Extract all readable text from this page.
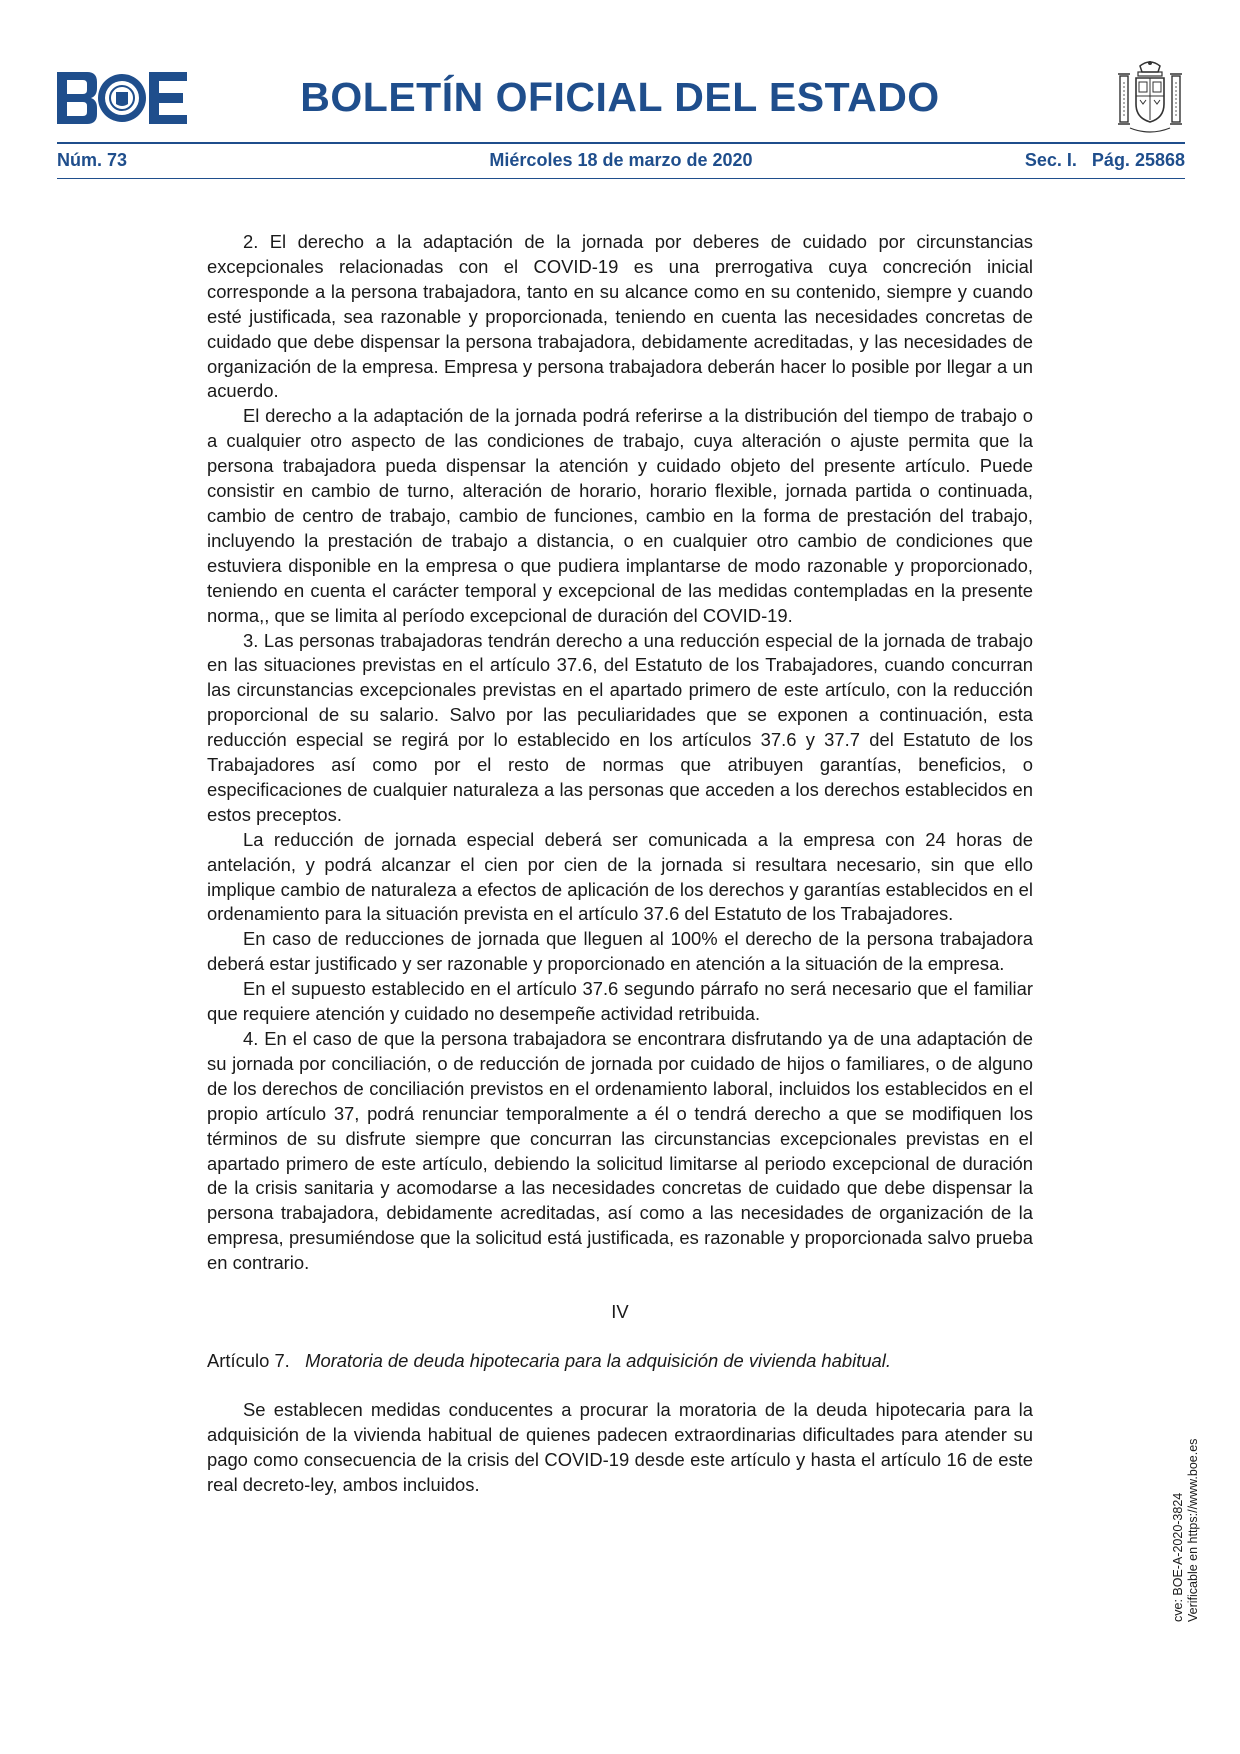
BOLETÍN OFICIAL DEL ESTADO
Núm. 73	Miércoles 18 de marzo de 2020	Sec. I.   Pág. 25868

2. El derecho a la adaptación de la jornada por deberes de cuidado por circunstancias excepcionales relacionadas con el COVID-19 es una prerrogativa cuya concreción inicial corresponde a la persona trabajadora, tanto en su alcance como en su contenido, siempre y cuando esté justificada, sea razonable y proporcionada, teniendo en cuenta las necesidades concretas de cuidado que debe dispensar la persona trabajadora, debidamente acreditadas, y las necesidades de organización de la empresa. Empresa y persona trabajadora deberán hacer lo posible por llegar a un acuerdo.

El derecho a la adaptación de la jornada podrá referirse a la distribución del tiempo de trabajo o a cualquier otro aspecto de las condiciones de trabajo, cuya alteración o ajuste permita que la persona trabajadora pueda dispensar la atención y cuidado objeto del presente artículo. Puede consistir en cambio de turno, alteración de horario, horario flexible, jornada partida o continuada, cambio de centro de trabajo, cambio de funciones, cambio en la forma de prestación del trabajo, incluyendo la prestación de trabajo a distancia, o en cualquier otro cambio de condiciones que estuviera disponible en la empresa o que pudiera implantarse de modo razonable y proporcionado, teniendo en cuenta el carácter temporal y excepcional de las medidas contempladas en la presente norma,, que se limita al período excepcional de duración del COVID-19.

3. Las personas trabajadoras tendrán derecho a una reducción especial de la jornada de trabajo en las situaciones previstas en el artículo 37.6, del Estatuto de los Trabajadores, cuando concurran las circunstancias excepcionales previstas en el apartado primero de este artículo, con la reducción proporcional de su salario. Salvo por las peculiaridades que se exponen a continuación, esta reducción especial se regirá por lo establecido en los artículos 37.6 y 37.7 del Estatuto de los Trabajadores así como por el resto de normas que atribuyen garantías, beneficios, o especificaciones de cualquier naturaleza a las personas que acceden a los derechos establecidos en estos preceptos.

La reducción de jornada especial deberá ser comunicada a la empresa con 24 horas de antelación, y podrá alcanzar el cien por cien de la jornada si resultara necesario, sin que ello implique cambio de naturaleza a efectos de aplicación de los derechos y garantías establecidos en el ordenamiento para la situación prevista en el artículo 37.6 del Estatuto de los Trabajadores.

En caso de reducciones de jornada que lleguen al 100% el derecho de la persona trabajadora deberá estar justificado y ser razonable y proporcionado en atención a la situación de la empresa.

En el supuesto establecido en el artículo 37.6 segundo párrafo no será necesario que el familiar que requiere atención y cuidado no desempeñe actividad retribuida.

4. En el caso de que la persona trabajadora se encontrara disfrutando ya de una adaptación de su jornada por conciliación, o de reducción de jornada por cuidado de hijos o familiares, o de alguno de los derechos de conciliación previstos en el ordenamiento laboral, incluidos los establecidos en el propio artículo 37, podrá renunciar temporalmente a él o tendrá derecho a que se modifiquen los términos de su disfrute siempre que concurran las circunstancias excepcionales previstas en el apartado primero de este artículo, debiendo la solicitud limitarse al periodo excepcional de duración de la crisis sanitaria y acomodarse a las necesidades concretas de cuidado que debe dispensar la persona trabajadora, debidamente acreditadas, así como a las necesidades de organización de la empresa, presumiéndose que la solicitud está justificada, es razonable y proporcionada salvo prueba en contrario.

IV

Artículo 7. Moratoria de deuda hipotecaria para la adquisición de vivienda habitual.

Se establecen medidas conducentes a procurar la moratoria de la deuda hipotecaria para la adquisición de la vivienda habitual de quienes padecen extraordinarias dificultades para atender su pago como consecuencia de la crisis del COVID-19 desde este artículo y hasta el artículo 16 de este real decreto-ley, ambos incluidos.

cve: BOE-A-2020-3824 Verificable en https://www.boe.es
